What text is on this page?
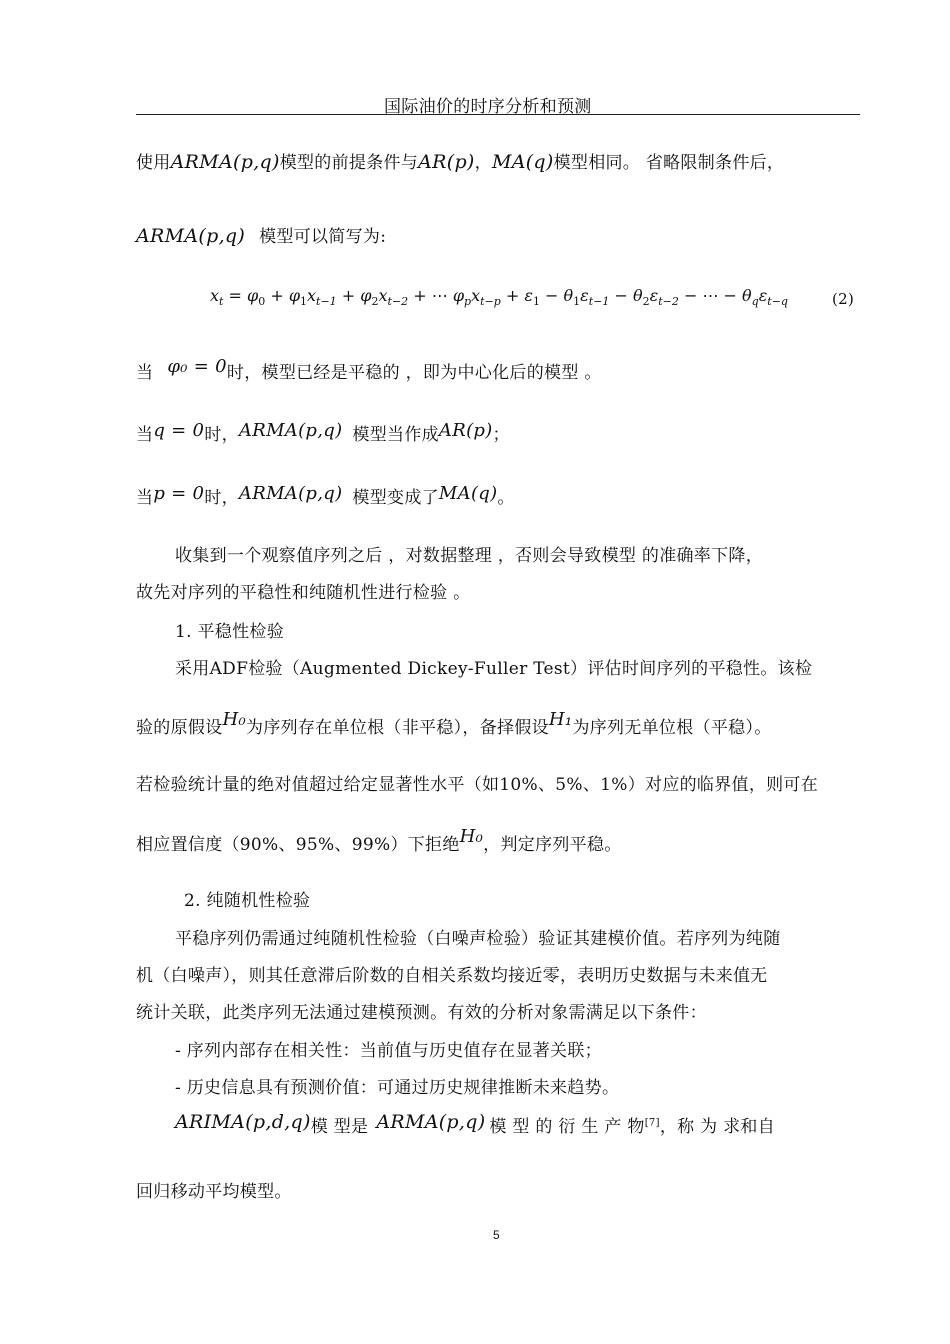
国际油价的时序分析和预测
使用ARMA(p,q)模型的前提条件与AR(p)，MA(q)模型相同。 省略限制条件后，
ARMA(p,q) 模型可以简写为:
$x_t = \varphi_0 + \varphi_1x_{t-1} + \varphi_2x_{t-2}$ + ⋯ $\varphi_px_{t-p} + \varepsilon_1 - \theta_1\varepsilon_{t-1} - \theta_2\varepsilon_{t-2}$ − ⋯ − $\theta_q\varepsilon_{t-q}$	(2)
当 φ₀ = 0时，模型已经是平稳的 ，即为中心化后的模型 。
当q = 0时，ARMA(p,q) 模型当作成AR(p)；
当p = 0时，ARMA(p,q) 模型变成了MA(q)。
收集到一个观察值序列之后 ，对数据整理 ，否则会导致模型 的准确率下降，
故先对序列的平稳性和纯随机性进行检验 。
1. 平稳性检验
采用ADF检验（Augmented Dickey-Fuller Test）评估时间序列的平稳性。该检
验的原假设H₀为序列存在单位根（非平稳），备择假设H₁为序列无单位根（平稳）。
若检验统计量的绝对值超过给定显著性水平（如10%、5%、1%）对应的临界值，则可在
相应置信度（90%、95%、99%）下拒绝H₀，判定序列平稳。
2. 纯随机性检验
平稳序列仍需通过纯随机性检验（白噪声检验）验证其建模价值。若序列为纯随
机（白噪声），则其任意滞后阶数的自相关系数均接近零，表明历史数据与未来值无
统计关联，此类序列无法通过建模预测。有效的分析对象需满足以下条件：
- 序列内部存在相关性：当前值与历史值存在显著关联；
- 历史信息具有预测价值：可通过历史规律推断未来趋势。
ARIMA(p,d,q)模 型是 ARMA(p,q) 模 型 的 衍 生 产 物[7]，称 为 求和自
回归移动平均模型。
5
